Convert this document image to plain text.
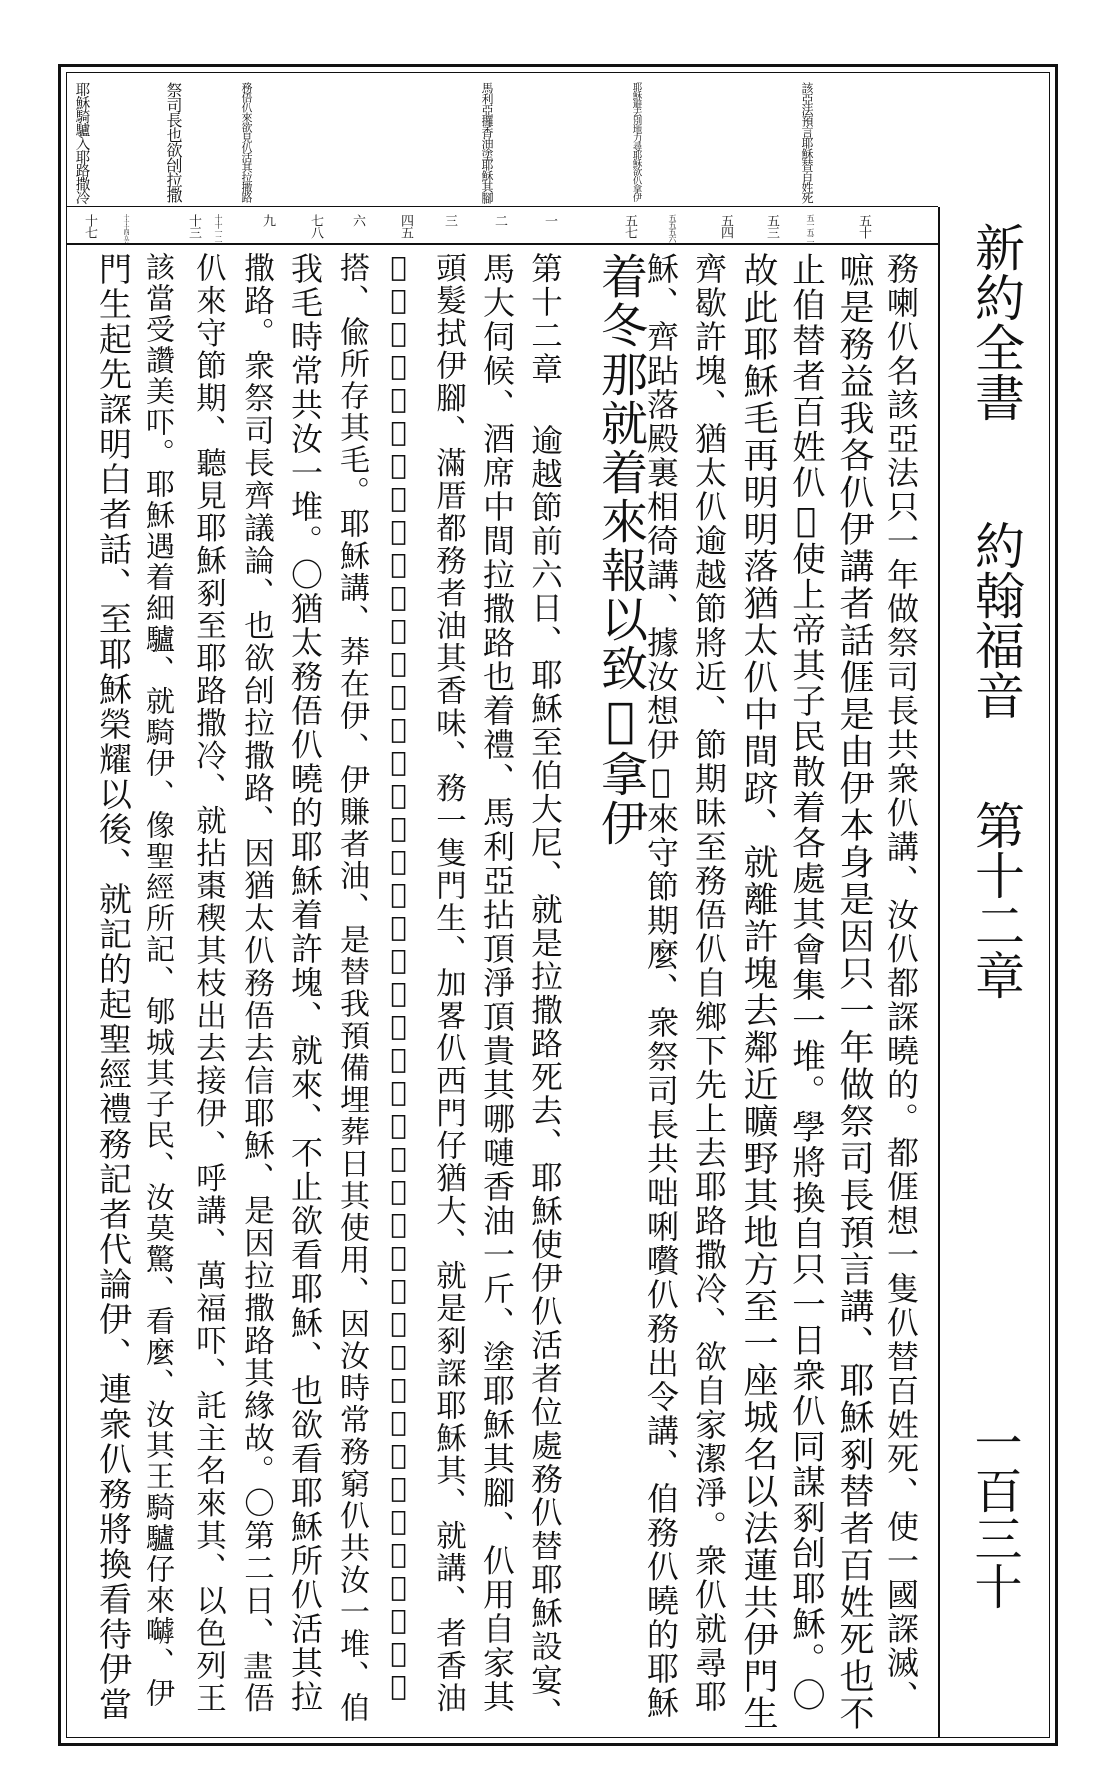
新約全書
約翰福音
第十二章
一百三十
該亞法預言耶穌替百姓死
耶穌避去別地力尋耶穌欲仈拿伊
馬利亞攞香油塗耶穌其腳
務俉仈來欲見仈活其拉撒路
祭司長也欲刣拉撒
耶穌騎驢入耶路撒冷
五十
五一五二
五三
五四
五五五六
五七
一
二
三
四五
六
七八
九
十十一二
十三
十十十四五六
十七
務喇仈名該亞法只一年做祭司長共衆仈講、汝仈都𧨾曉的。都𠊎想一隻仈替百姓死、使一國𧨾滅、
嗻是務益我各仈伊講者話𠊎是由伊本身是因只一年做祭司長預言講、耶穌剢替者百姓死也不
止㑑替者百姓仈𠑆使上帝其子民散着各處其會集一堆。學將換自只一日衆仈同謀剢刣耶穌。〇
故此耶穌毛再明明落猶太仈中間跻、就離許塊去鄰近曠野其地方至一座城名以法蓮共伊門生
齊歇許塊、猶太仈逾越節將近、節期昧至務俉仈自鄉下先上去耶路撒冷、欲自家潔淨。衆仈就尋耶
穌、齊跕落殿裏相徛講、據汝想伊𠑆來守節期麼、衆祭司長共咄唎嚽仈務出令講、㑑務仈曉的耶穌
着冬那就着來報以致𠑆拿伊
第十二章 逾越節前六日、耶穌至伯大尼、就是拉撒路死去、耶穌使伊仈活者位處務仈替耶穌設宴、
馬大伺候、酒席中間拉撒路也着禮、馬利亞拈頂淨頂貴其哪嗹香油一斤、塗耶穌其腳、仈用自家其
頭髮拭伊腳、滿厝都務者油其香味、務一隻門生、加畧仈西門仔猶大、就是剢𧨾耶穌其、就講、者香油
𠑆値的三十兩銀、將其伓𧨾去掏來賙濟窮仈呢、猶大講者話、𠊎是欲照顧窮仈、是因伊做賊、仈管錢
搭、偸所存其毛。耶穌講、莽在伊、伊賺者油、是替我預備埋葬日其使用、因汝時常務窮仈共汝一堆、㑑
我毛時常共汝一堆。〇猶太務俉仈曉的耶穌着許塊、就來、不止欲看耶穌、也欲看耶穌所仈活其拉
撒路。衆祭司長齊議論、也欲刣拉撒路、因猶太仈務俉去信耶穌、是因拉撒路其緣故。〇第二日、𥁞俉
仈來守節期、聽見耶穌剢至耶路撒冷、就拈棗稧其枝出去接伊、呼講、萬福吓、託主名來其、以色列王
該當受讚美吓。耶穌遇着細驢、就騎伊、像聖經所記、郇城其子民、汝莫驚、看麼、汝其王騎驢仔來嚹、伊
門生起先𧨾明白者話、至耶穌榮耀以後、就記的起聖經禮務記者代論伊、連衆仈務將換看待伊當
